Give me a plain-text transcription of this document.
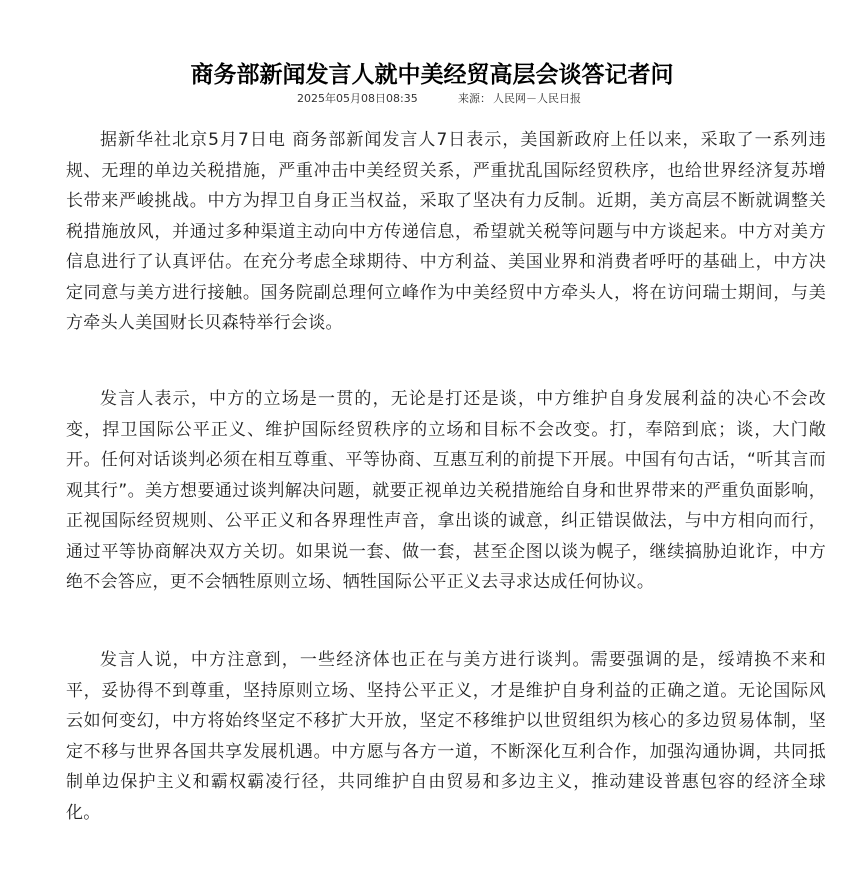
商务部新闻发言人就中美经贸高层会谈答记者问
2025年05月08日08:35	来源： 人民网－人民日报

据新华社北京5月7日电 商务部新闻发言人7日表示，美国新政府上任以来，采取了一系列违规、无理的单边关税措施，严重冲击中美经贸关系，严重扰乱国际经贸秩序，也给世界经济复苏增长带来严峻挑战。中方为捍卫自身正当权益，采取了坚决有力反制。近期，美方高层不断就调整关税措施放风，并通过多种渠道主动向中方传递信息，希望就关税等问题与中方谈起来。中方对美方信息进行了认真评估。在充分考虑全球期待、中方利益、美国业界和消费者呼吁的基础上，中方决定同意与美方进行接触。国务院副总理何立峰作为中美经贸中方牵头人，将在访问瑞士期间，与美方牵头人美国财长贝森特举行会谈。

发言人表示，中方的立场是一贯的，无论是打还是谈，中方维护自身发展利益的决心不会改变，捍卫国际公平正义、维护国际经贸秩序的立场和目标不会改变。打，奉陪到底；谈，大门敞开。任何对话谈判必须在相互尊重、平等协商、互惠互利的前提下开展。中国有句古话，“听其言而观其行”。美方想要通过谈判解决问题，就要正视单边关税措施给自身和世界带来的严重负面影响，正视国际经贸规则、公平正义和各界理性声音，拿出谈的诚意，纠正错误做法，与中方相向而行，通过平等协商解决双方关切。如果说一套、做一套，甚至企图以谈为幌子，继续搞胁迫讹诈，中方绝不会答应，更不会牺牲原则立场、牺牲国际公平正义去寻求达成任何协议。

发言人说，中方注意到，一些经济体也正在与美方进行谈判。需要强调的是，绥靖换不来和平，妥协得不到尊重，坚持原则立场、坚持公平正义，才是维护自身利益的正确之道。无论国际风云如何变幻，中方将始终坚定不移扩大开放，坚定不移维护以世贸组织为核心的多边贸易体制，坚定不移与世界各国共享发展机遇。中方愿与各方一道，不断深化互利合作，加强沟通协调，共同抵制单边保护主义和霸权霸凌行径，共同维护自由贸易和多边主义，推动建设普惠包容的经济全球化。
